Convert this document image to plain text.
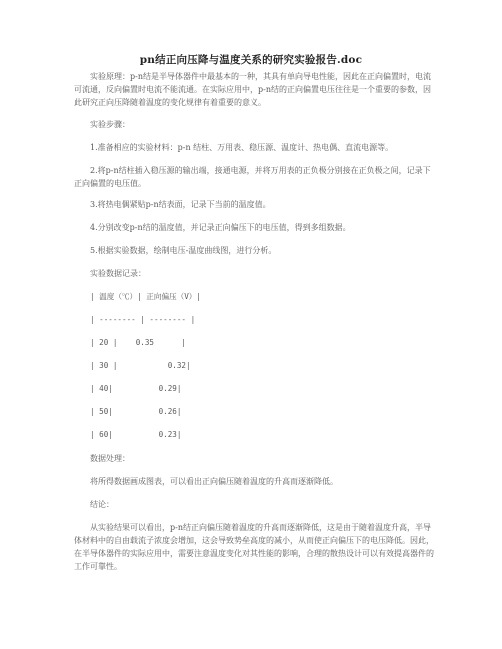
pn结正向压降与温度关系的研究实验报告.doc
实验原理：p-n结是半导体器件中最基本的一种，其具有单向导电性能，因此在正向偏置时，电流可流通，反向偏置时电流不能流通。在实际应用中，p-n结的正向偏置电压往往是一个重要的参数，因此研究正向压降随着温度的变化规律有着重要的意义。
实验步骤：
1.准备相应的实验材料：p-n 结柱、万用表、稳压源、温度计、热电偶、直流电源等。
2.将p-n结柱插入稳压源的输出端，接通电源，并将万用表的正负极分别接在正负极之间，记录下正向偏置的电压值。
3.将热电偶紧贴p-n结表面，记录下当前的温度值。
4.分别改变p-n结的温度值，并记录正向偏压下的电压值，得到多组数据。
5.根据实验数据，绘制电压-温度曲线图，进行分析。
实验数据记录：
| 温度（℃）| 正向偏压（V）|
| -------- | -------- |
| 20 |    0.35      |
| 30 |           0.32|
| 40|          0.29|
| 50|          0.26|
| 60|          0.23|
数据处理：
将所得数据画成图表，可以看出正向偏压随着温度的升高而逐渐降低。
结论：
从实验结果可以看出，p-n结正向偏压随着温度的升高而逐渐降低，这是由于随着温度升高，半导体材料中的自由载流子浓度会增加，这会导致势垒高度的减小，从而使正向偏压下的电压降低。因此，在半导体器件的实际应用中，需要注意温度变化对其性能的影响，合理的散热设计可以有效提高器件的工作可靠性。
